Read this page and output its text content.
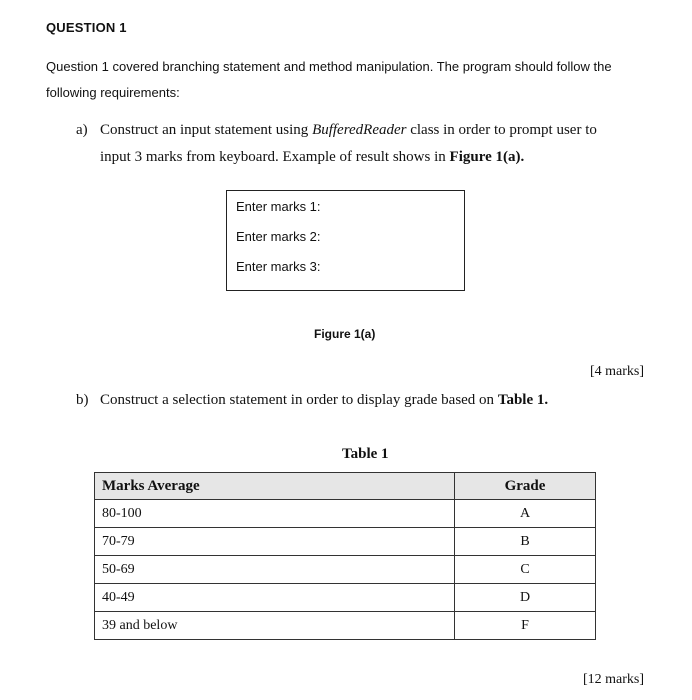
QUESTION 1
Question 1 covered branching statement and method manipulation. The program should follow the
following requirements:
a) Construct an input statement using BufferedReader class in order to prompt user to
input 3 marks from keyboard. Example of result shows in Figure 1(a).
Enter marks 1:
Enter marks 2:
Enter marks 3:
Figure 1(a)
[4 marks]
b) Construct a selection statement in order to display grade based on Table 1.
Table 1
Marks Average	Grade
80-100	A
70-79	B
50-69	C
40-49	D
39 and below	F
[12 marks]
